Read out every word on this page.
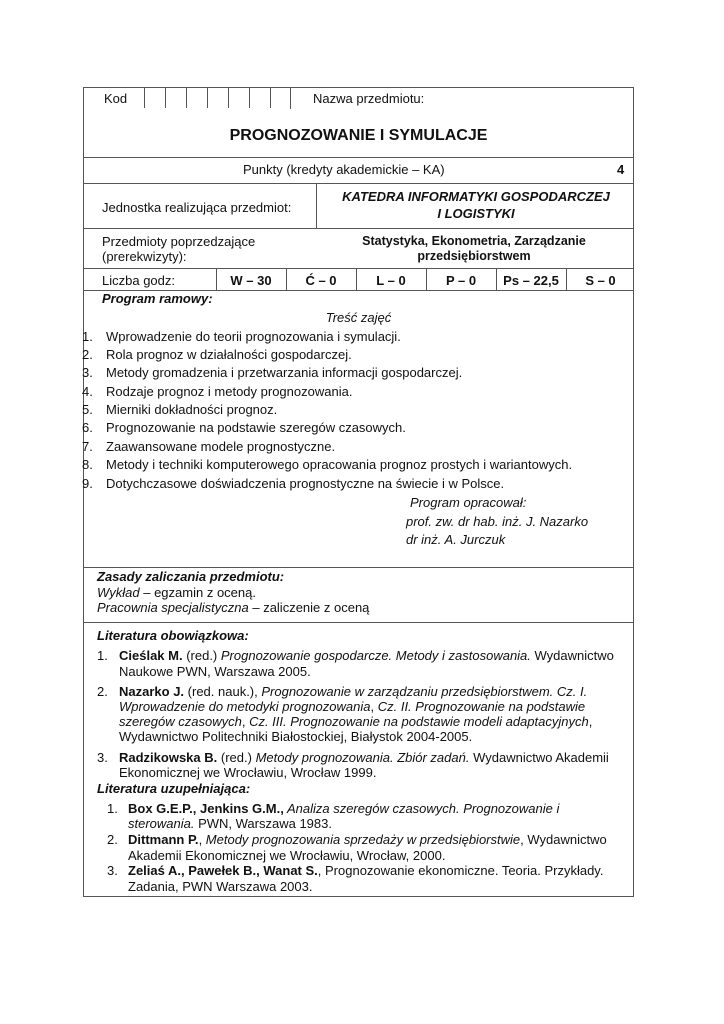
Kod	Nazwa przedmiotu:
PROGNOZOWANIE I SYMULACJE
Punkty (kredyty akademickie – KA)	4
Jednostka realizująca przedmiot:
KATEDRA INFORMATYKI GOSPODARCZEJ
I LOGISTYKI
Przedmioty poprzedzające
(prerekwizyty):
Statystyka, Ekonometria, Zarządzanie
przedsiębiorstwem
Liczba godz:	W – 30	Ć – 0	L – 0	P – 0	Ps – 22,5	S – 0
Program ramowy:
Treść zajęć
1. Wprowadzenie do teorii prognozowania i symulacji.
2. Rola prognoz w działalności gospodarczej.
3. Metody gromadzenia i przetwarzania informacji gospodarczej.
4. Rodzaje prognoz i metody prognozowania.
5. Mierniki dokładności prognoz.
6. Prognozowanie na podstawie szeregów czasowych.
7. Zaawansowane modele prognostyczne.
8. Metody i techniki komputerowego opracowania prognoz prostych i wariantowych.
9. Dotychczasowe doświadczenia prognostyczne na świecie i w Polsce.
Program opracował:
prof. zw. dr hab. inż. J. Nazarko
dr inż. A. Jurczuk
Zasady zaliczania przedmiotu:
Wykład – egzamin z oceną.
Pracownia specjalistyczna – zaliczenie z oceną
Literatura obowiązkowa:
1. Cieślak M. (red.) Prognozowanie gospodarcze. Metody i zastosowania. Wydawnictwo
Naukowe PWN, Warszawa 2005.
2. Nazarko J. (red. nauk.), Prognozowanie w zarządzaniu przedsiębiorstwem. Cz. I.
Wprowadzenie do metodyki prognozowania, Cz. II. Prognozowanie na podstawie
szeregów czasowych, Cz. III. Prognozowanie na podstawie modeli adaptacyjnych,
Wydawnictwo Politechniki Białostockiej, Białystok 2004-2005.
3. Radzikowska B. (red.) Metody prognozowania. Zbiór zadań. Wydawnictwo Akademii
Ekonomicznej we Wrocławiu, Wrocław 1999.
Literatura uzupełniająca:
1. Box G.E.P., Jenkins G.M., Analiza szeregów czasowych. Prognozowanie i
sterowania. PWN, Warszawa 1983.
2. Dittmann P., Metody prognozowania sprzedaży w przedsiębiorstwie, Wydawnictwo
Akademii Ekonomicznej we Wrocławiu, Wrocław, 2000.
3. Zeliaś A., Pawełek B., Wanat S., Prognozowanie ekonomiczne. Teoria. Przykłady.
Zadania, PWN Warszawa 2003.
